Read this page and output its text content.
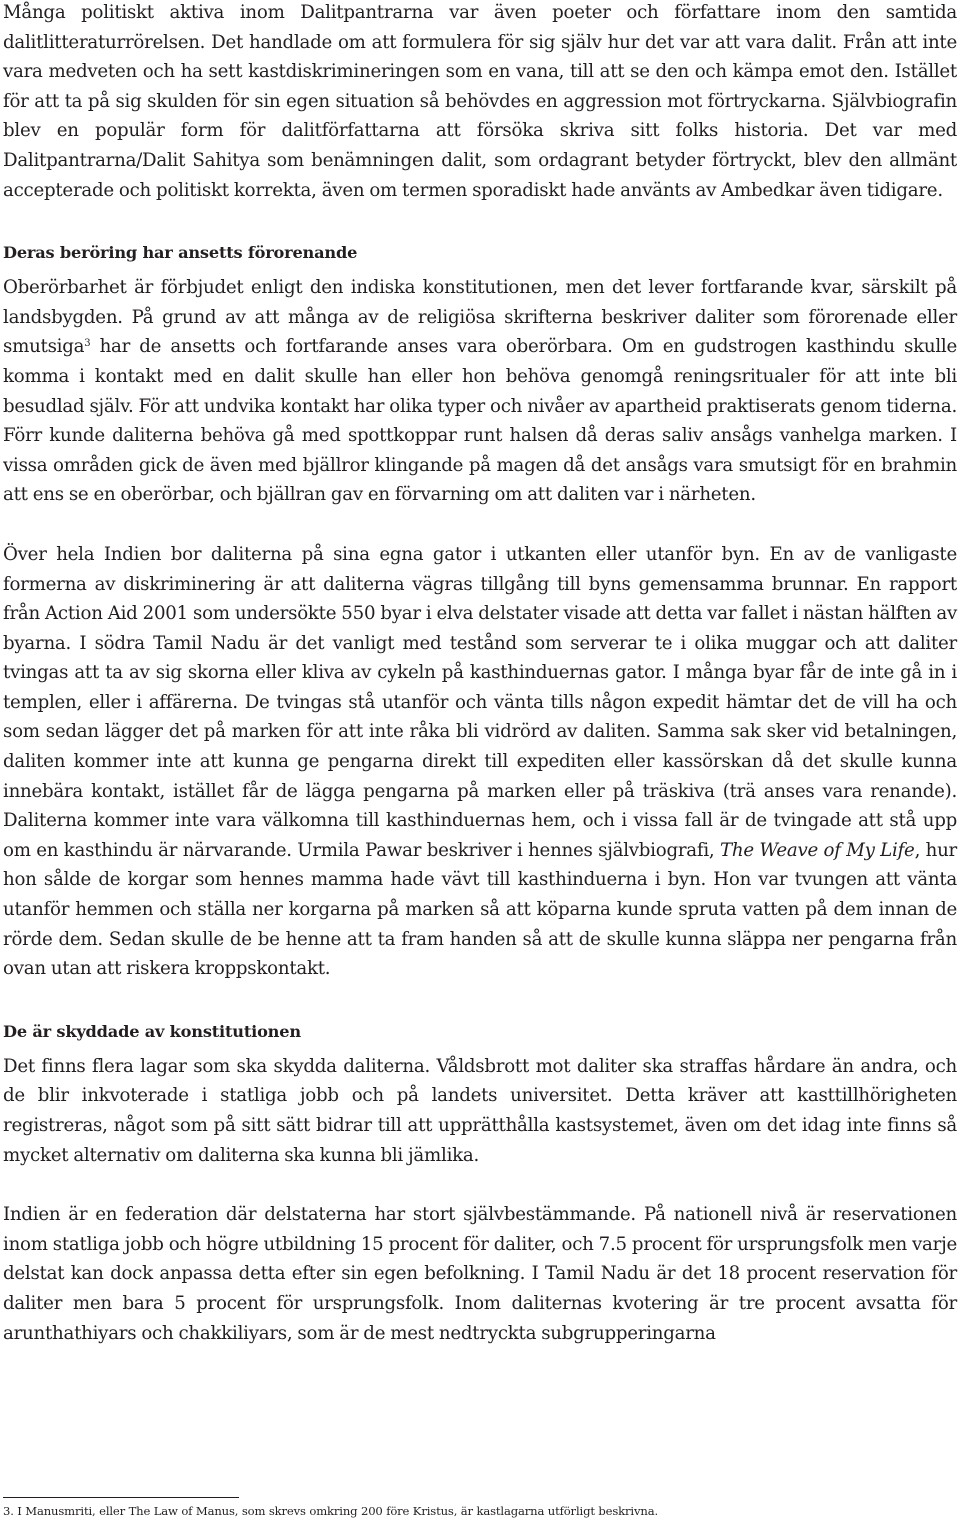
Många politiskt aktiva inom Dalitpantrarna var även poeter och författare inom den samtida dalitlitteraturrörelsen. Det handlade om att formulera för sig själv hur det var att vara dalit. Från att inte vara medveten och ha sett kastdiskrimineringen som en vana, till att se den och kämpa emot den. Istället för att ta på sig skulden för sin egen situation så behövdes en aggression mot förtryckarna. Självbiografin blev en populär form för dalitförfattarna att försöka skriva sitt folks historia. Det var med Dalitpantrarna/Dalit Sahitya som benämningen dalit, som ordagrant betyder förtryckt, blev den allmänt accepterade och politiskt korrekta, även om termen sporadiskt hade använts av Ambedkar även tidigare.

Deras beröring har ansetts förorenande

Oberörbarhet är förbjudet enligt den indiska konstitutionen, men det lever fortfarande kvar, särskilt på landsbygden. På grund av att många av de religiösa skrifterna beskriver daliter som förorenade eller smutsiga$^3$ har de ansetts och fortfarande anses vara oberörbara. Om en gudstrogen kasthindu skulle komma i kontakt med en dalit skulle han eller hon behöva genomgå reningsritualer för att inte bli besudlad själv. För att undvika kontakt har olika typer och nivåer av apartheid praktiserats genom tiderna. Förr kunde daliterna behöva gå med spottkoppar runt halsen då deras saliv ansågs vanhelga marken. I vissa områden gick de även med bjällror klingande på magen då det ansågs vara smutsigt för en brahmin att ens se en oberörbar, och bjällran gav en förvarning om att daliten var i närheten.

Över hela Indien bor daliterna på sina egna gator i utkanten eller utanför byn. En av de vanligaste formerna av diskriminering är att daliterna vägras tillgång till byns gemensamma brunnar. En rapport från Action Aid 2001 som undersökte 550 byar i elva delstater visade att detta var fallet i nästan hälften av byarna. I södra Tamil Nadu är det vanligt med testånd som serverar te i olika muggar och att daliter tvingas att ta av sig skorna eller kliva av cykeln på kasthinduernas gator. I många byar får de inte gå in i templen, eller i affärerna. De tvingas stå utanför och vänta tills någon expedit hämtar det de vill ha och som sedan lägger det på marken för att inte råka bli vidrörd av daliten. Samma sak sker vid betalningen, daliten kommer inte att kunna ge pengarna direkt till expediten eller kassörskan då det skulle kunna innebära kontakt, istället får de lägga pengarna på marken eller på träskiva (trä anses vara renande). Daliterna kommer inte vara välkomna till kasthinduernas hem, och i vissa fall är de tvingade att stå upp om en kasthindu är närvarande. Urmila Pawar beskriver i hennes självbiografi, The Weave of My Life, hur hon sålde de korgar som hennes mamma hade vävt till kasthinduerna i byn. Hon var tvungen att vänta utanför hemmen och ställa ner korgarna på marken så att köparna kunde spruta vatten på dem innan de rörde dem. Sedan skulle de be henne att ta fram handen så att de skulle kunna släppa ner pengarna från ovan utan att riskera kroppskontakt.

De är skyddade av konstitutionen

Det finns flera lagar som ska skydda daliterna. Våldsbrott mot daliter ska straffas hårdare än andra, och de blir inkvoterade i statliga jobb och på landets universitet. Detta kräver att kasttillhörigheten registreras, något som på sitt sätt bidrar till att upprätthålla kastsystemet, även om det idag inte finns så mycket alternativ om daliterna ska kunna bli jämlika.

Indien är en federation där delstaterna har stort självbestämmande. På nationell nivå är reservationen inom statliga jobb och högre utbildning 15 procent för daliter, och 7.5 procent för ursprungsfolk men varje delstat kan dock anpassa detta efter sin egen befolkning. I Tamil Nadu är det 18 procent reservation för daliter men bara 5 procent för ursprungsfolk. Inom daliternas kvotering är tre procent avsatta för arunthathiyars och chakkiliyars, som är de mest nedtryckta subgrupperingarna

3. I Manusmriti, eller The Law of Manus, som skrevs omkring 200 före Kristus, är kastlagarna utförligt beskrivna.
